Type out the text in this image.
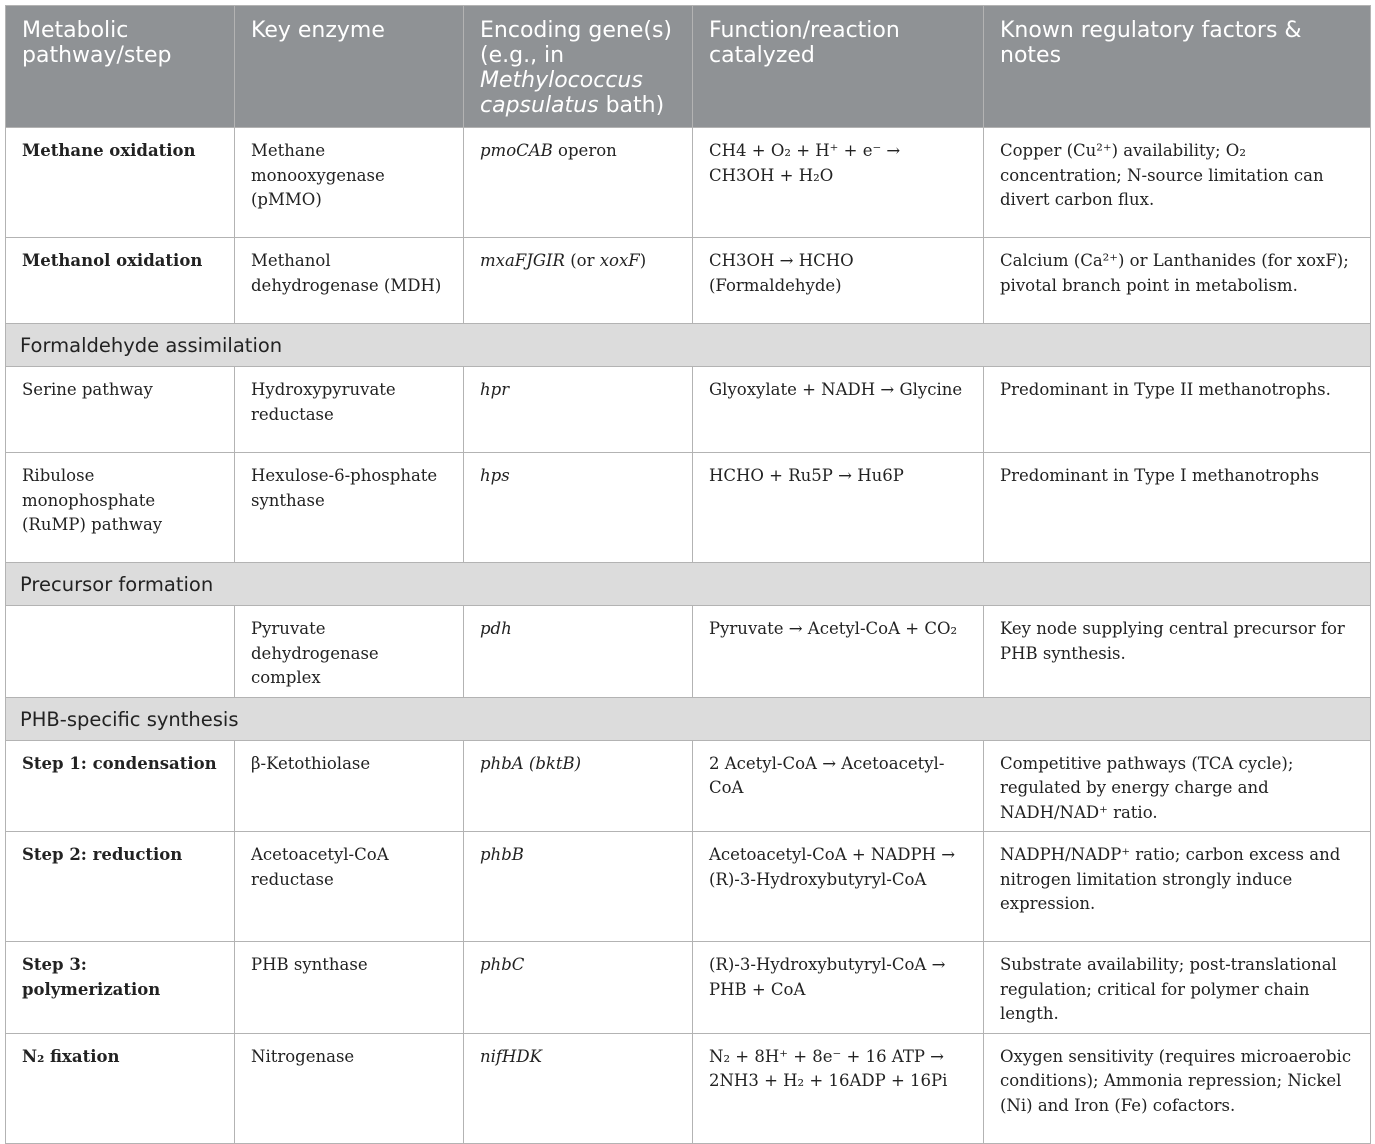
Metabolic pathway/step	Key enzyme	Encoding gene(s) (e.g., in Methylococcus capsulatus bath)	Function/reaction catalyzed	Known regulatory factors & notes
Methane oxidation	Methane monooxygenase (pMMO)	pmoCAB operon	CH4 + O₂ + H⁺ + e⁻ → CH3OH + H₂O	Copper (Cu²⁺) availability; O₂ concentration; N-source limitation can divert carbon flux.
Methanol oxidation	Methanol dehydrogenase (MDH)	mxaFJGIR (or xoxF)	CH3OH → HCHO (Formaldehyde)	Calcium (Ca²⁺) or Lanthanides (for xoxF); pivotal branch point in metabolism.
Formaldehyde assimilation				
Serine pathway	Hydroxypyruvate reductase	hpr	Glyoxylate + NADH → Glycine	Predominant in Type II methanotrophs.
Ribulose monophosphate (RuMP) pathway	Hexulose-6-phosphate synthase	hps	HCHO + Ru5P → Hu6P	Predominant in Type I methanotrophs
Precursor formation				
	Pyruvate dehydrogenase complex	pdh	Pyruvate → Acetyl-CoA + CO₂	Key node supplying central precursor for PHB synthesis.
PHB-specific synthesis				
Step 1: condensation	β-Ketothiolase	phbA (bktB)	2 Acetyl-CoA → Acetoacetyl-CoA	Competitive pathways (TCA cycle); regulated by energy charge and NADH/NAD⁺ ratio.
Step 2: reduction	Acetoacetyl-CoA reductase	phbB	Acetoacetyl-CoA + NADPH → (R)-3-Hydroxybutyryl-CoA	NADPH/NADP⁺ ratio; carbon excess and nitrogen limitation strongly induce expression.
Step 3: polymerization	PHB synthase	phbC	(R)-3-Hydroxybutyryl-CoA → PHB + CoA	Substrate availability; post-translational regulation; critical for polymer chain length.
N₂ fixation	Nitrogenase	nifHDK	N₂ + 8H⁺ + 8e⁻ + 16 ATP → 2NH3 + H₂ + 16ADP + 16Pi	Oxygen sensitivity (requires microaerobic conditions); Ammonia repression; Nickel (Ni) and Iron (Fe) cofactors.
